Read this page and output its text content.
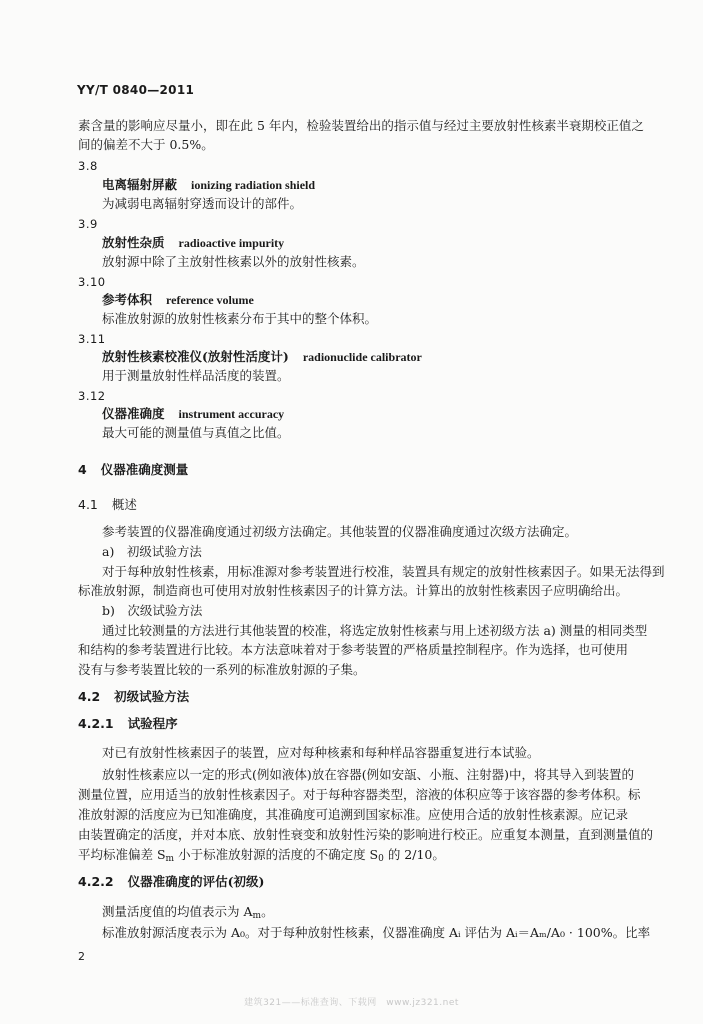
YY/T 0840—2011
素含量的影响应尽量小，即在此 5 年内，检验装置给出的指示值与经过主要放射性核素半衰期校正值之
间的偏差不大于 0.5%。
3.8
电离辐射屏蔽 ionizing radiation shield
为减弱电离辐射穿透而设计的部件。
3.9
放射性杂质 radioactive impurity
放射源中除了主放射性核素以外的放射性核素。
3.10
参考体积 reference volume
标准放射源的放射性核素分布于其中的整个体积。
3.11
放射性核素校准仪(放射性活度计) radionuclide calibrator
用于测量放射性样品活度的装置。
3.12
仪器准确度 instrument accuracy
最大可能的测量值与真值之比值。
4 仪器准确度测量
4.1 概述
参考装置的仪器准确度通过初级方法确定。其他装置的仪器准确度通过次级方法确定。
a)　初级试验方法
对于每种放射性核素，用标准源对参考装置进行校准，装置具有规定的放射性核素因子。如果无法得到
标准放射源，制造商也可使用对放射性核素因子的计算方法。计算出的放射性核素因子应明确给出。
b)　次级试验方法
通过比较测量的方法进行其他装置的校准，将选定放射性核素与用上述初级方法 a) 测量的相同类型
和结构的参考装置进行比较。本方法意味着对于参考装置的严格质量控制程序。作为选择，也可使用
没有与参考装置比较的一系列的标准放射源的子集。
4.2 初级试验方法
4.2.1 试验程序
对已有放射性核素因子的装置，应对每种核素和每种样品容器重复进行本试验。
放射性核素应以一定的形式(例如液体)放在容器(例如安瓿、小瓶、注射器)中，将其导入到装置的
测量位置，应用适当的放射性核素因子。对于每种容器类型，溶液的体积应等于该容器的参考体积。标
准放射源的活度应为已知准确度，其准确度可追溯到国家标准。应使用合适的放射性核素源。应记录
由装置确定的活度，并对本底、放射性衰变和放射性污染的影响进行校正。应重复本测量，直到测量值的
平均标准偏差 $S_m$ 小于标准放射源的活度的不确定度 $S_0$ 的 2/10。
4.2.2 仪器准确度的评估(初级)
测量活度值的均值表示为 $A_m$。
标准放射源活度表示为 A₀。对于每种放射性核素，仪器准确度 Aᵢ 评估为 Aᵢ＝Aₘ/A₀ · 100%。比率
2
建筑321——标准查询、下载网　www.jz321.net
